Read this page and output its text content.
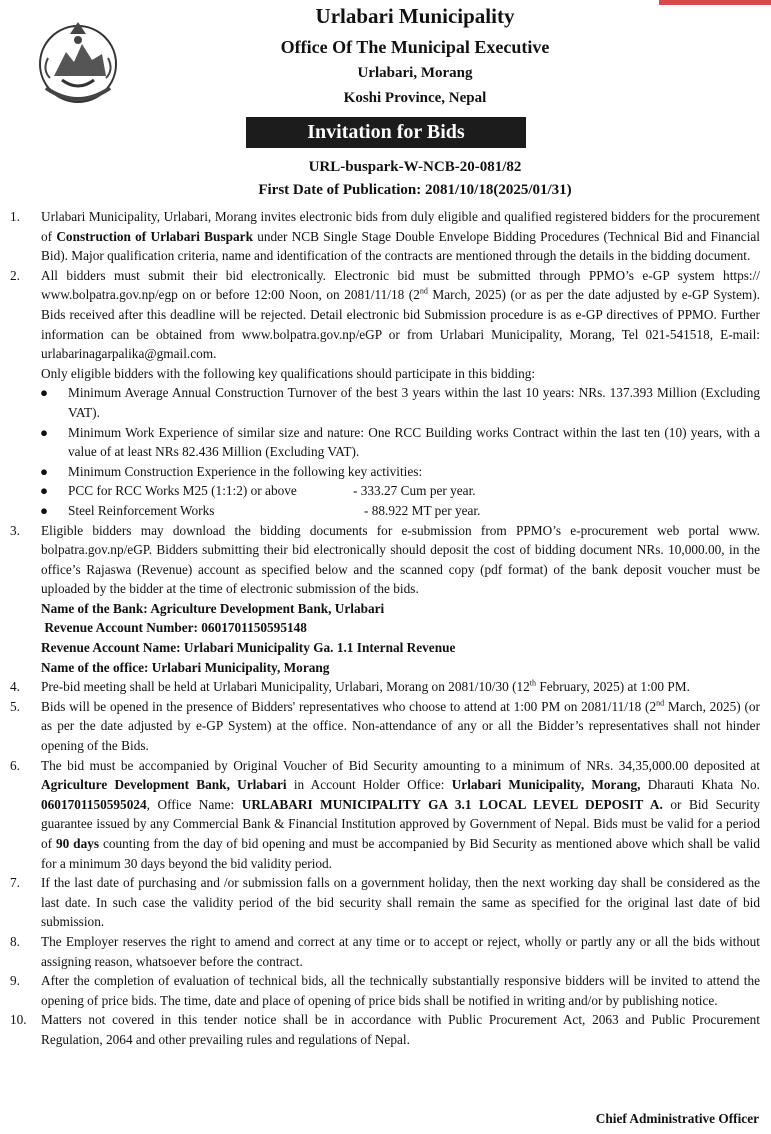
Urlabari Municipality
Office Of The Municipal Executive
Urlabari, Morang
Koshi Province, Nepal
Invitation for Bids
URL-buspark-W-NCB-20-081/82
First Date of Publication: 2081/10/18(2025/01/31)
1. Urlabari Municipality, Urlabari, Morang invites electronic bids from duly eligible and qualified registered bidders for the procurement of Construction of Urlabari Buspark under NCB Single Stage Double Envelope Bidding Procedures (Technical Bid and Financial Bid). Major qualification criteria, name and identification of the contracts are mentioned through the details in the bidding document.
2. All bidders must submit their bid electronically. Electronic bid must be submitted through PPMO’s e-GP system https:// www.bolpatra.gov.np/egp on or before 12:00 Noon, on 2081/11/18 (2nd March, 2025) (or as per the date adjusted by e-GP System). Bids received after this deadline will be rejected. Detail electronic bid Submission procedure is as e-GP directives of PPMO. Further information can be obtained from www.bolpatra.gov.np/eGP or from Urlabari Municipality, Morang, Tel 021-541518, E-mail: urlabarinagarpalika@gmail.com.
Only eligible bidders with the following key qualifications should participate in this bidding:
● Minimum Average Annual Construction Turnover of the best 3 years within the last 10 years: NRs. 137.393 Million (Excluding VAT).
● Minimum Work Experience of similar size and nature: One RCC Building works Contract within the last ten (10) years, with a value of at least NRs 82.436 Million (Excluding VAT).
● Minimum Construction Experience in the following key activities:
● PCC for RCC Works M25 (1:1:2) or above	- 333.27 Cum per year.
● Steel Reinforcement Works	- 88.922 MT per year.
3. Eligible bidders may download the bidding documents for e-submission from PPMO’s e-procurement web portal www. bolpatra.gov.np/eGP. Bidders submitting their bid electronically should deposit the cost of bidding document NRs. 10,000.00, in the office’s Rajaswa (Revenue) account as specified below and the scanned copy (pdf format) of the bank deposit voucher must be uploaded by the bidder at the time of electronic submission of the bids.
Name of the Bank: Agriculture Development Bank, Urlabari
Revenue Account Number: 0601701150595148
Revenue Account Name: Urlabari Municipality Ga. 1.1 Internal Revenue
Name of the office: Urlabari Municipality, Morang
4. Pre-bid meeting shall be held at Urlabari Municipality, Urlabari, Morang on 2081/10/30 (12th February, 2025) at 1:00 PM.
5. Bids will be opened in the presence of Bidders' representatives who choose to attend at 1:00 PM on 2081/11/18 (2nd March, 2025) (or as per the date adjusted by e-GP System) at the office. Non-attendance of any or all the Bidder’s representatives shall not hinder opening of the Bids.
6. The bid must be accompanied by Original Voucher of Bid Security amounting to a minimum of NRs. 34,35,000.00 deposited at Agriculture Development Bank, Urlabari in Account Holder Office: Urlabari Municipality, Morang, Dharauti Khata No. 0601701150595024, Office Name: URLABARI MUNICIPALITY GA 3.1 LOCAL LEVEL DEPOSIT A. or Bid Security guarantee issued by any Commercial Bank & Financial Institution approved by Government of Nepal. Bids must be valid for a period of 90 days counting from the day of bid opening and must be accompanied by Bid Security as mentioned above which shall be valid for a minimum 30 days beyond the bid validity period.
7. If the last date of purchasing and /or submission falls on a government holiday, then the next working day shall be considered as the last date. In such case the validity period of the bid security shall remain the same as specified for the original last date of bid submission.
8. The Employer reserves the right to amend and correct at any time or to accept or reject, wholly or partly any or all the bids without assigning reason, whatsoever before the contract.
9. After the completion of evaluation of technical bids, all the technically substantially responsive bidders will be invited to attend the opening of price bids. The time, date and place of opening of price bids shall be notified in writing and/or by publishing notice.
10. Matters not covered in this tender notice shall be in accordance with Public Procurement Act, 2063 and Public Procurement Regulation, 2064 and other prevailing rules and regulations of Nepal.
Chief Administrative Officer
